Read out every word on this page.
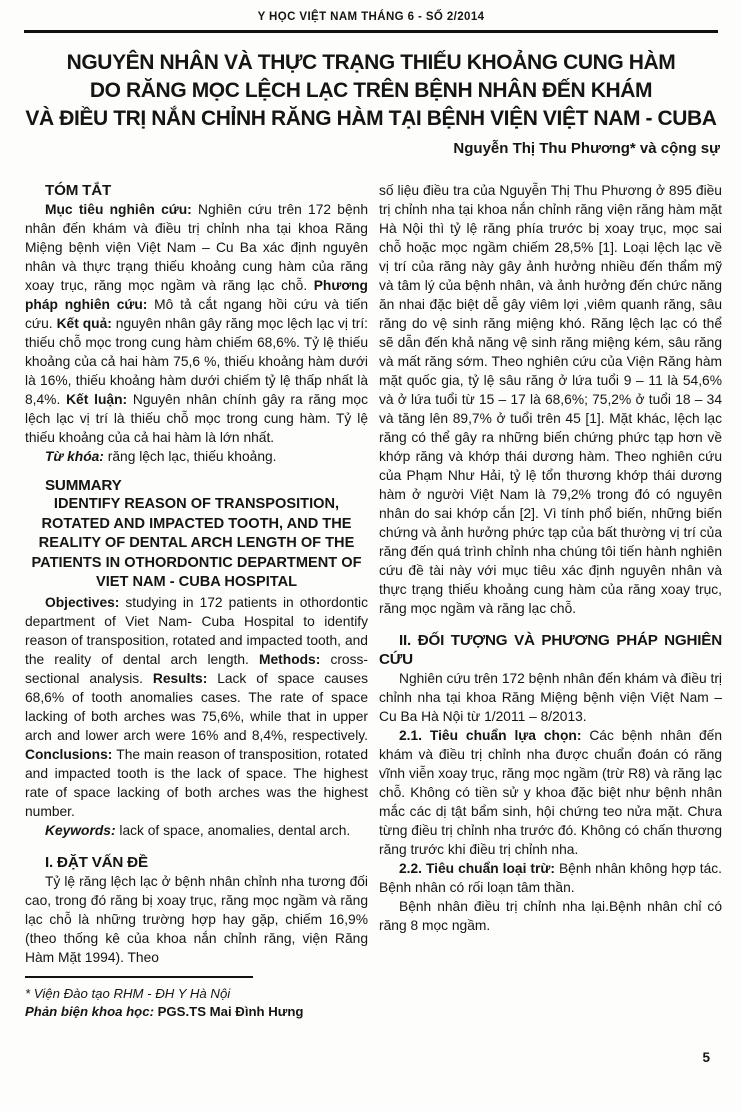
Y HỌC VIỆT NAM THÁNG 6 - SỐ 2/2014
NGUYÊN NHÂN VÀ THỰC TRẠNG THIẾU KHOẢNG CUNG HÀM
DO RĂNG MỌC LỆCH LẠC TRÊN BỆNH NHÂN ĐẾN KHÁM
VÀ ĐIỀU TRỊ NẮN CHỈNH RĂNG HÀM TẠI BỆNH VIỆN VIỆT NAM - CUBA
Nguyễn Thị Thu Phương* và cộng sự

TÓM TẮT

Mục tiêu nghiên cứu: Nghiên cứu trên 172 bệnh nhân đến khám và điều trị chỉnh nha tại khoa Răng Miệng bệnh viện Việt Nam – Cu Ba xác định nguyên nhân và thực trạng thiếu khoảng cung hàm của răng xoay trục, răng mọc ngầm và răng lạc chỗ. Phương pháp nghiên cứu: Mô tả cắt ngang hồi cứu và tiến cứu. Kết quả: nguyên nhân gây răng mọc lệch lạc vị trí: thiếu chỗ mọc trong cung hàm chiếm 68,6%. Tỷ lệ thiếu khoảng của cả hai hàm 75,6 %, thiếu khoảng hàm dưới là 16%, thiếu khoảng hàm dưới chiếm tỷ lệ thấp nhất là 8,4%. Kết luận: Nguyên nhân chính gây ra răng mọc lệch lạc vị trí là thiếu chỗ mọc trong cung hàm. Tỷ lệ thiếu khoảng của cả hai hàm là lớn nhất.

Từ khóa: răng lệch lạc, thiếu khoảng.

SUMMARY

IDENTIFY REASON OF TRANSPOSITION, ROTATED AND IMPACTED TOOTH, AND THE REALITY OF DENTAL ARCH LENGTH OF THE PATIENTS IN OTHORDONTIC DEPARTMENT OF VIET NAM - CUBA HOSPITAL

Objectives: studying in 172 patients in othordontic department of Viet Nam- Cuba Hospital to identify reason of transposition, rotated and impacted tooth, and the reality of dental arch length. Methods: cross-sectional analysis. Results: Lack of space causes 68,6% of tooth anomalies cases. The rate of space lacking of both arches was 75,6%, while that in upper arch and lower arch were 16% and 8,4%, respectively. Conclusions: The main reason of transposition, rotated and impacted tooth is the lack of space. The highest rate of space lacking of both arches was the highest number.

Keywords: lack of space, anomalies, dental arch.

I. ĐẶT VẤN ĐỀ

Tỷ lệ răng lệch lạc ở bệnh nhân chỉnh nha tương đối cao, trong đó răng bị xoay trục, răng mọc ngầm và răng lạc chỗ là những trường hợp hay gặp, chiếm 16,9% (theo thống kê của khoa nắn chỉnh răng, viện Răng Hàm Mặt 1994). Theo

số liệu điều tra của Nguyễn Thị Thu Phương ở 895 điều trị chỉnh nha tại khoa nắn chỉnh răng viện răng hàm mặt Hà Nội thì tỷ lệ răng phía trước bị xoay trục, mọc sai chỗ hoặc mọc ngầm chiếm 28,5% [1]. Loại lệch lạc về vị trí của răng này gây ảnh hưởng nhiều đến thẩm mỹ và tâm lý của bệnh nhân, và ảnh hưởng đến chức năng ăn nhai đặc biệt dễ gây viêm lợi ,viêm quanh răng, sâu răng do vệ sinh răng miệng khó. Răng lệch lạc có thể sẽ dẫn đến khả năng vệ sinh răng miệng kém, sâu răng và mất răng sớm. Theo nghiên cứu của Viện Răng hàm mặt quốc gia, tỷ lệ sâu răng ở lứa tuổi 9 – 11 là 54,6% và ở lứa tuổi từ 15 – 17 là 68,6%; 75,2% ở tuổi 18 – 34 và tăng lên 89,7% ở tuổi trên 45 [1]. Mặt khác, lệch lạc răng có thể gây ra những biến chứng phức tạp hơn về khớp răng và khớp thái dương hàm. Theo nghiên cứu của Phạm Như Hải, tỷ lệ tổn thương khớp thái dương hàm ở người Việt Nam là 79,2% trong đó có nguyên nhân do sai khớp cắn [2]. Vì tính phổ biến, những biến chứng và ảnh hưởng phức tạp của bất thường vị trí của răng đến quá trình chỉnh nha chúng tôi tiến hành nghiên cứu đề tài này với mục tiêu xác định nguyên nhân và thực trạng thiếu khoảng cung hàm của răng xoay trục, răng mọc ngầm và răng lạc chỗ.

II. ĐỐI TƯỢNG VÀ PHƯƠNG PHÁP NGHIÊN CỨU

Nghiên cứu trên 172 bệnh nhân đến khám và điều trị chỉnh nha tại khoa Răng Miệng bệnh viện Việt Nam – Cu Ba Hà Nội từ 1/2011 – 8/2013.

2.1. Tiêu chuẩn lựa chọn: Các bệnh nhân đến khám và điều trị chỉnh nha được chuẩn đoán có răng vĩnh viễn xoay trục, răng mọc ngầm (trừ R8) và răng lạc chỗ. Không có tiền sử y khoa đặc biệt như bệnh nhân mắc các dị tật bẩm sinh, hội chứng teo nửa mặt. Chưa từng điều trị chỉnh nha trước đó. Không có chấn thương răng trước khi điều trị chỉnh nha.

2.2. Tiêu chuẩn loại trừ: Bệnh nhân không hợp tác. Bệnh nhân có rối loạn tâm thần.

Bệnh nhân điều trị chỉnh nha lại.Bệnh nhân chỉ có răng 8 mọc ngầm.

* Viện Đào tạo RHM - ĐH Y Hà Nội
Phản biện khoa học: PGS.TS Mai Đình Hưng
5
